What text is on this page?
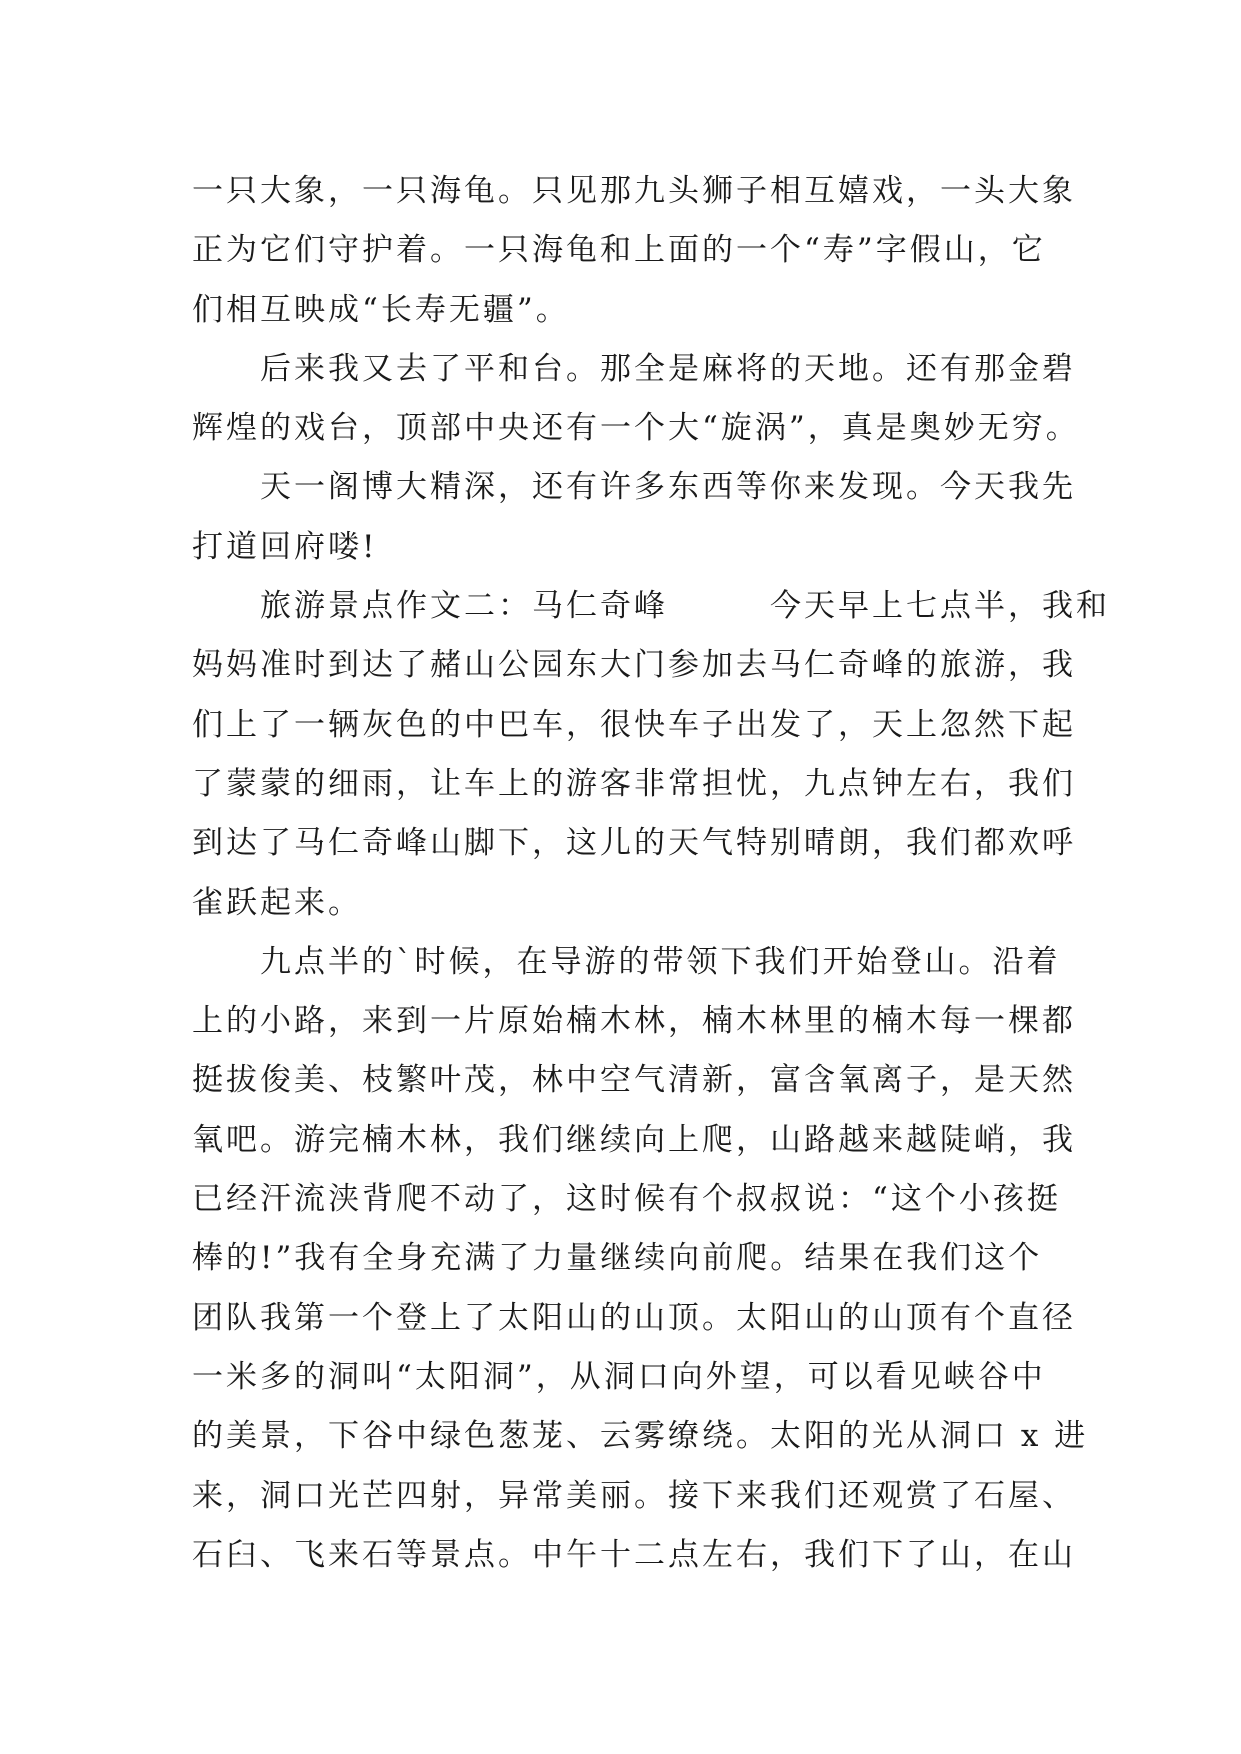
一只大象，一只海龟。只见那九头狮子相互嬉戏，一头大象
正为它们守护着。一只海龟和上面的一个“寿”字假山，它
们相互映成“长寿无疆”。
　　后来我又去了平和台。那全是麻将的天地。还有那金碧
辉煌的戏台，顶部中央还有一个大“旋涡”，真是奥妙无穷。
　　天一阁博大精深，还有许多东西等你来发现。今天我先
打道回府喽!
　　旅游景点作文二：马仁奇峰　　　今天早上七点半，我和
妈妈准时到达了赭山公园东大门参加去马仁奇峰的旅游，我
们上了一辆灰色的中巴车，很快车子出发了，天上忽然下起
了蒙蒙的细雨，让车上的游客非常担忧，九点钟左右，我们
到达了马仁奇峰山脚下，这儿的天气特别晴朗，我们都欢呼
雀跃起来。
　　九点半的`时候，在导游的带领下我们开始登山。沿着
上的小路，来到一片原始楠木林，楠木林里的楠木每一棵都
挺拔俊美、枝繁叶茂，林中空气清新，富含氧离子，是天然
氧吧。游完楠木林，我们继续向上爬，山路越来越陡峭，我
已经汗流浃背爬不动了，这时候有个叔叔说：“这个小孩挺
棒的!”我有全身充满了力量继续向前爬。结果在我们这个
团队我第一个登上了太阳山的山顶。太阳山的山顶有个直径
一米多的洞叫“太阳洞”，从洞口向外望，可以看见峡谷中
的美景，下谷中绿色葱茏、云雾缭绕。太阳的光从洞口 x 进
来，洞口光芒四射，异常美丽。接下来我们还观赏了石屋、
石臼、飞来石等景点。中午十二点左右，我们下了山，在山
